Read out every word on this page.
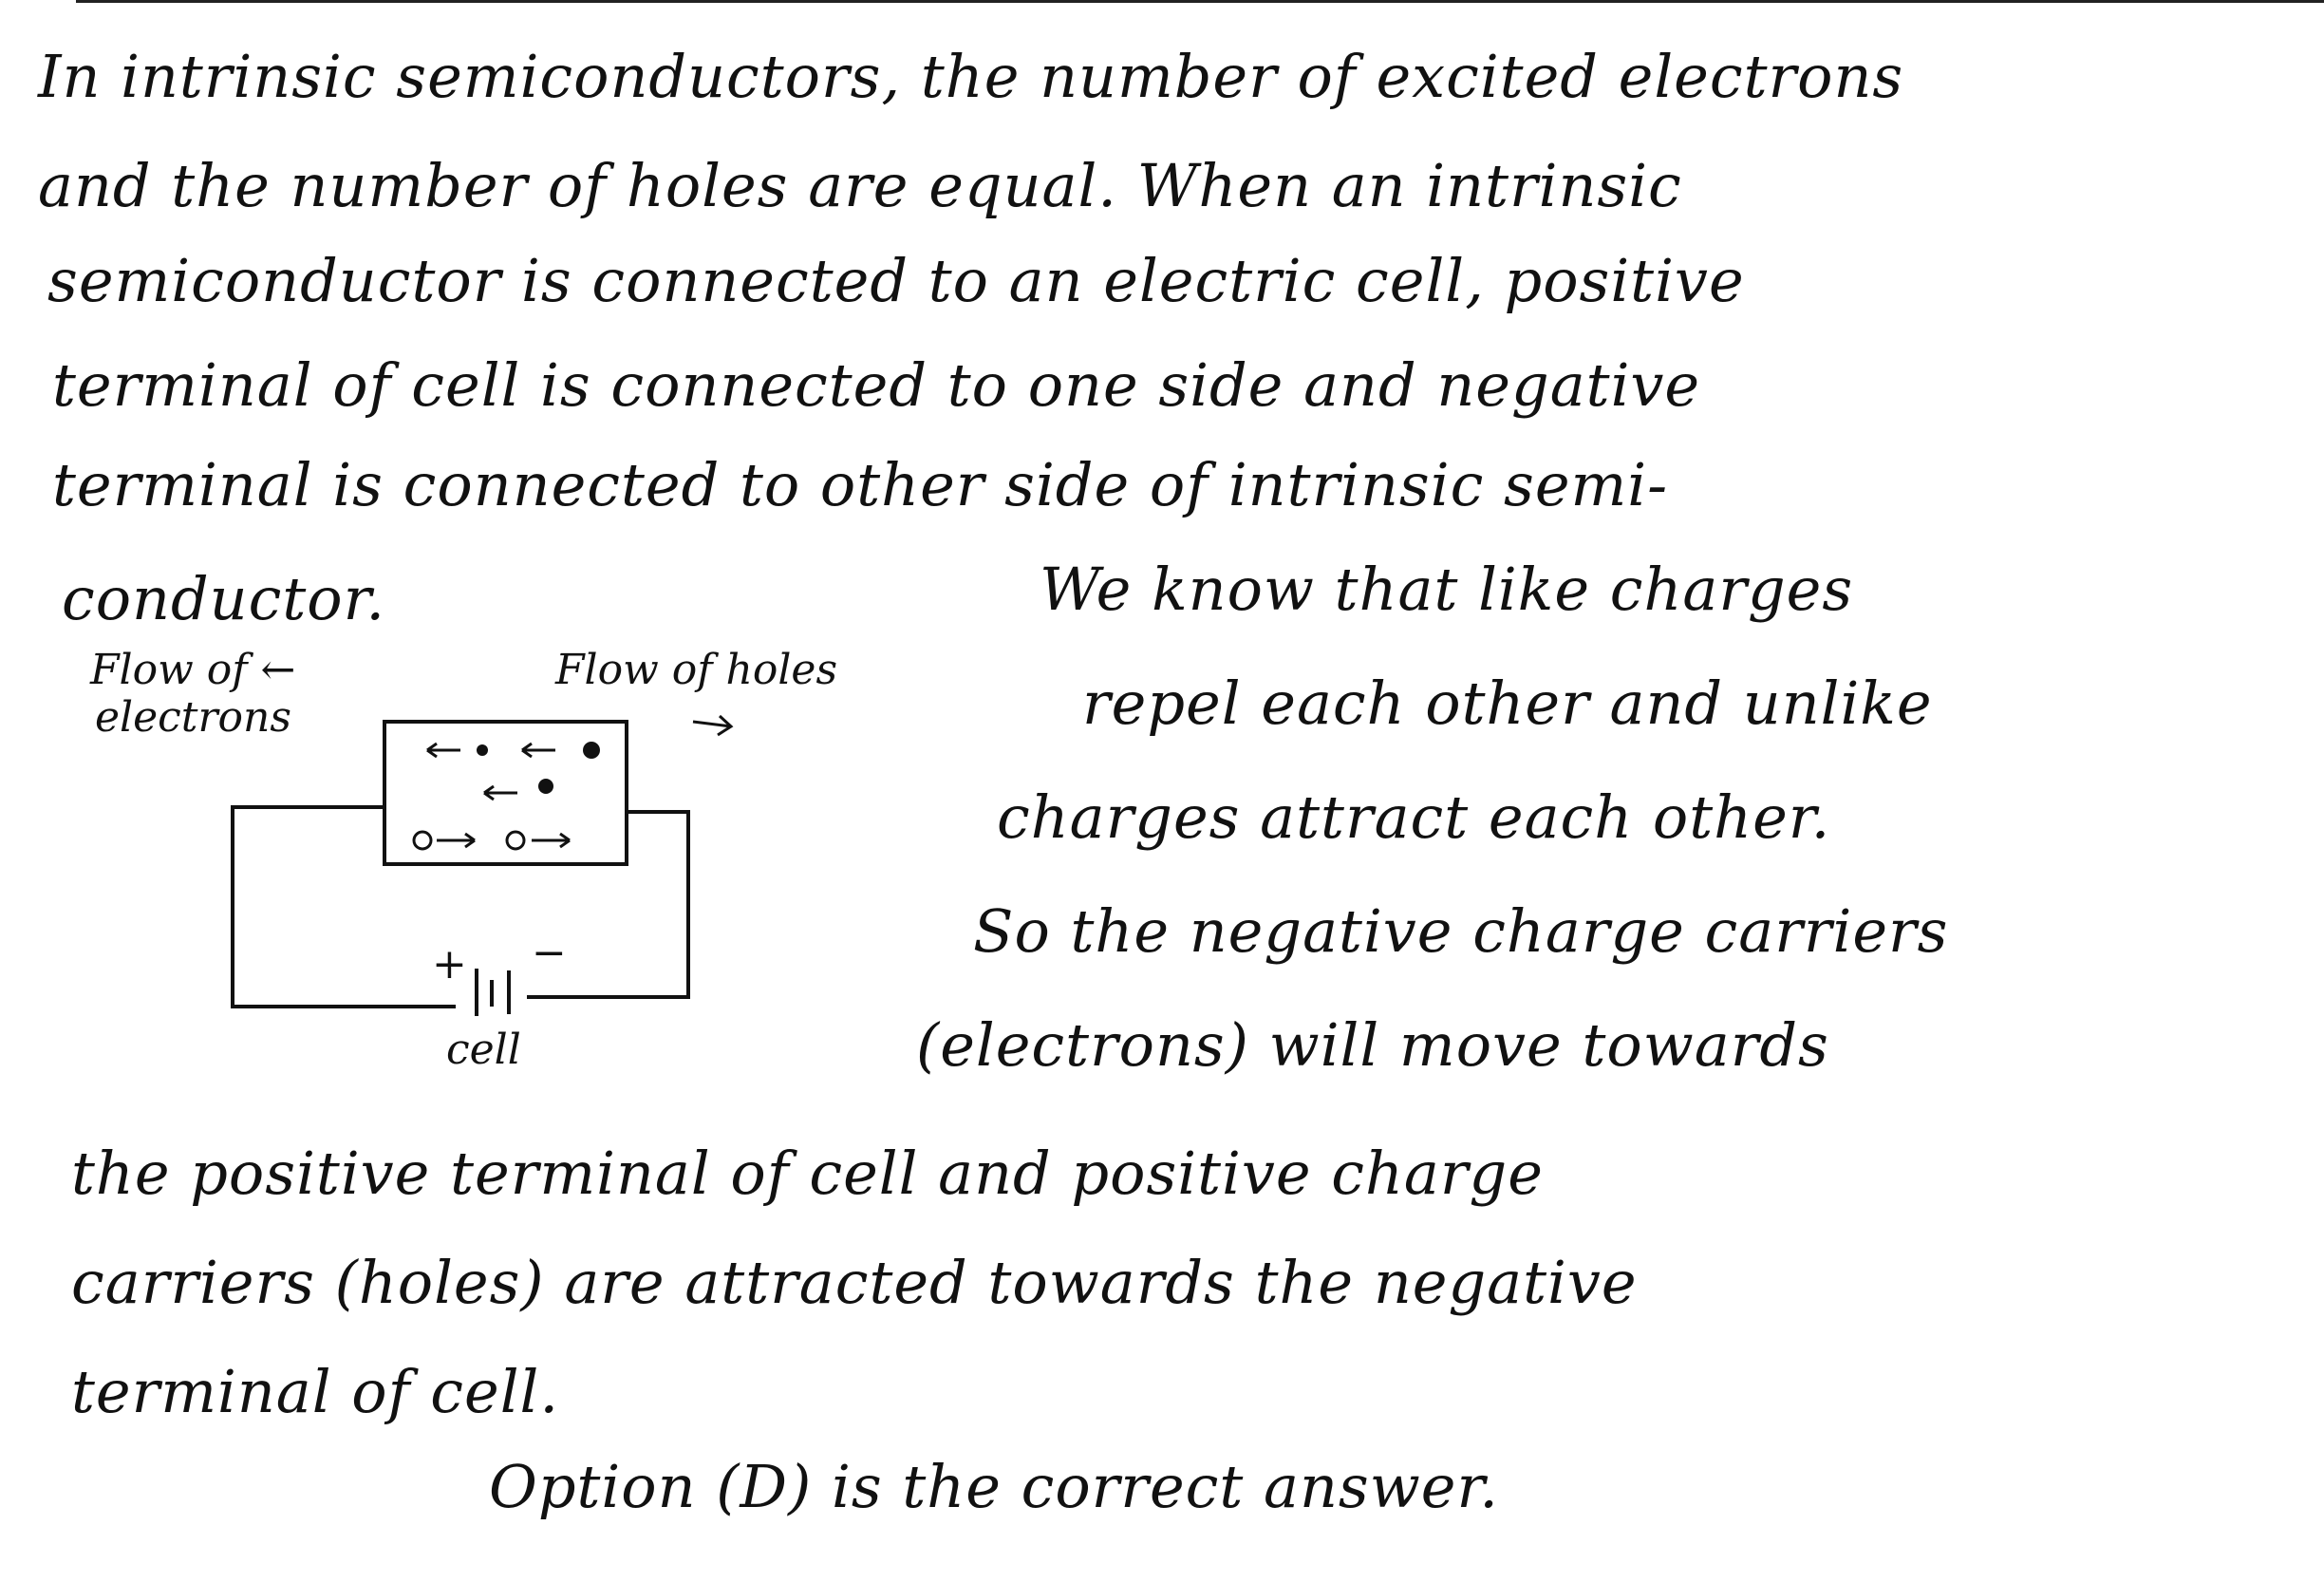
In intrinsic semiconductors, the number of excited electrons
and the number of holes are equal. When an intrinsic
semiconductor is connected to an electric cell, positive
terminal of cell is connected to one side and negative
terminal is connected to other side of intrinsic semi-
conductor.	We know that like charges
repel each other and unlike
charges attract each other.
So the negative charge carriers
(electrons) will move towards
the positive terminal of cell and positive charge
carriers (holes) are attracted towards the negative
terminal of cell.
Option (D) is the correct answer.
Flow of ←
electrons
Flow of holes
+ −
cell
